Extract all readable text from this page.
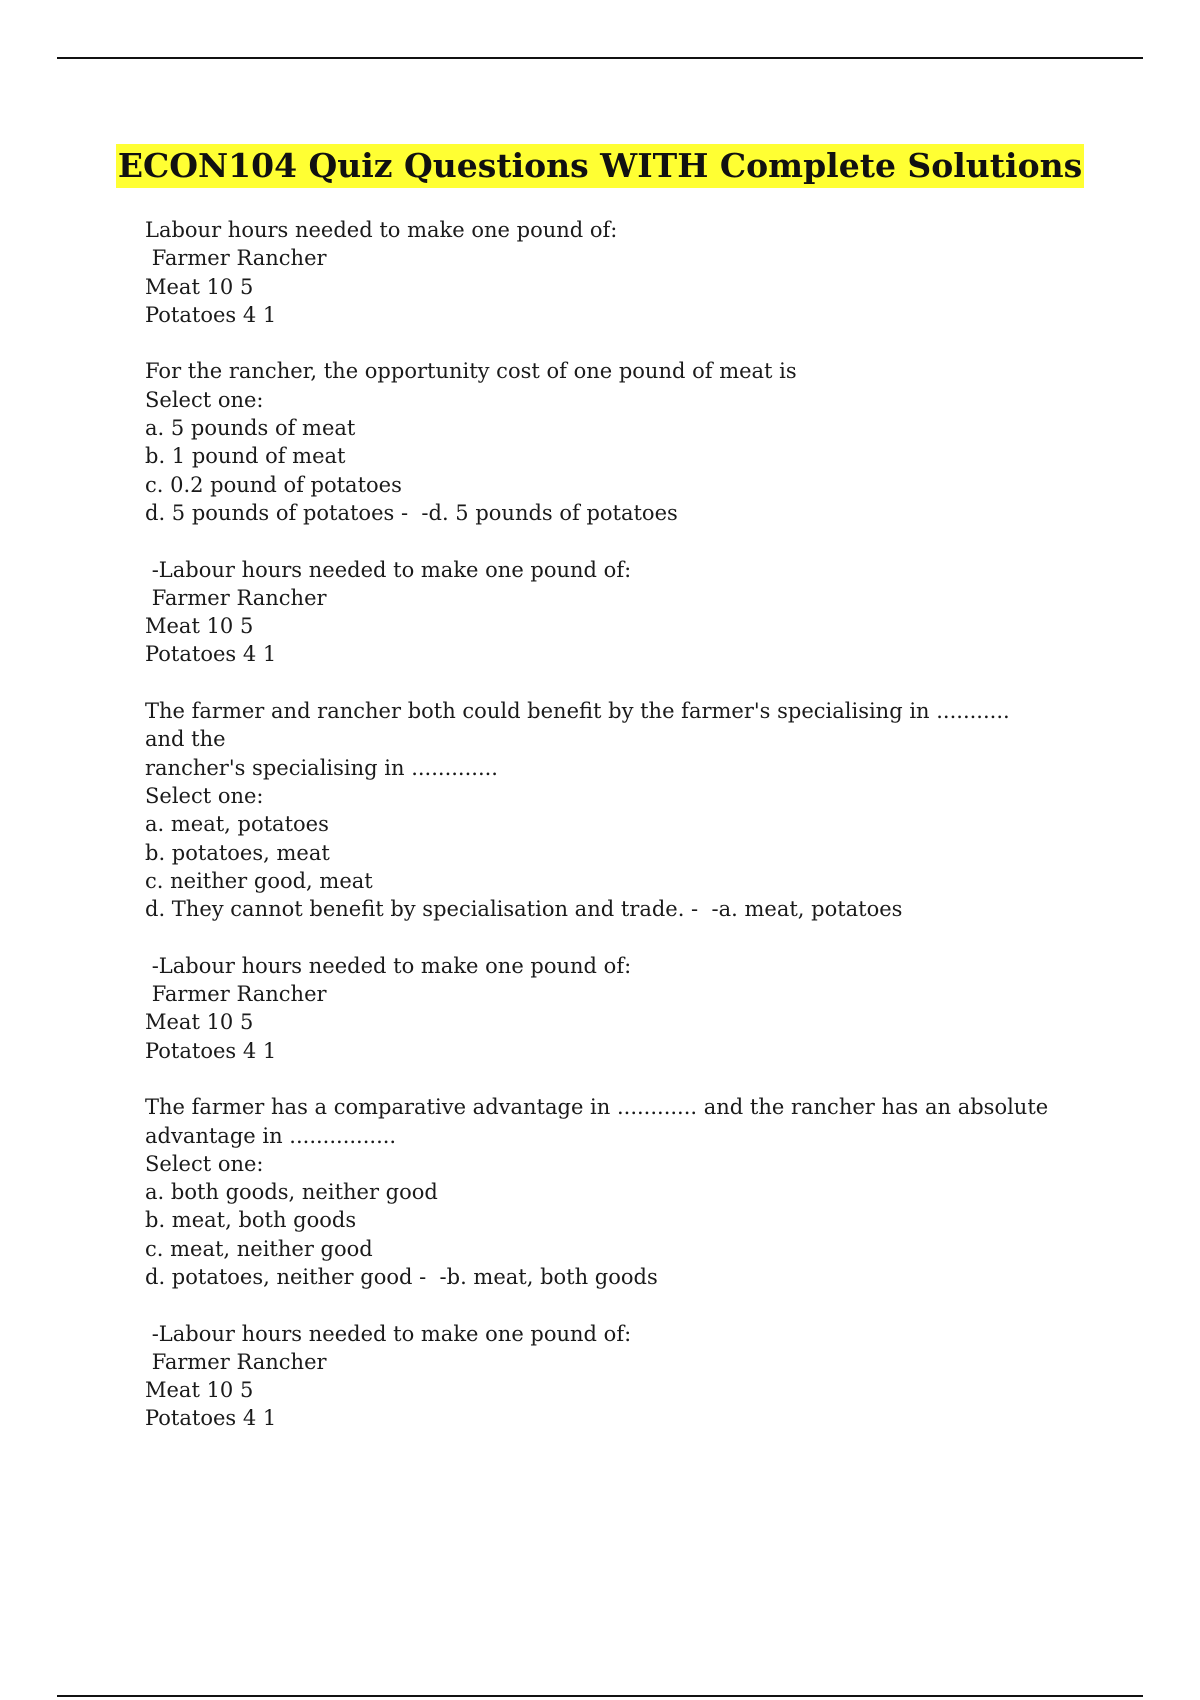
ECON104 Quiz Questions WITH Complete Solutions
Labour hours needed to make one pound of:
Farmer Rancher
Meat 10 5
Potatoes 4 1
For the rancher, the opportunity cost of one pound of meat is
Select one:
a. 5 pounds of meat
b. 1 pound of meat
c. 0.2 pound of potatoes
d. 5 pounds of potatoes -  -d. 5 pounds of potatoes
-Labour hours needed to make one pound of:
Farmer Rancher
Meat 10 5
Potatoes 4 1
The farmer and rancher both could benefit by the farmer's specialising in ........... and the
rancher's specialising in .............
Select one:
a. meat, potatoes
b. potatoes, meat
c. neither good, meat
d. They cannot benefit by specialisation and trade. -  -a. meat, potatoes
-Labour hours needed to make one pound of:
Farmer Rancher
Meat 10 5
Potatoes 4 1
The farmer has a comparative advantage in ............ and the rancher has an absolute
advantage in ................
Select one:
a. both goods, neither good
b. meat, both goods
c. meat, neither good
d. potatoes, neither good -  -b. meat, both goods
-Labour hours needed to make one pound of:
Farmer Rancher
Meat 10 5
Potatoes 4 1
